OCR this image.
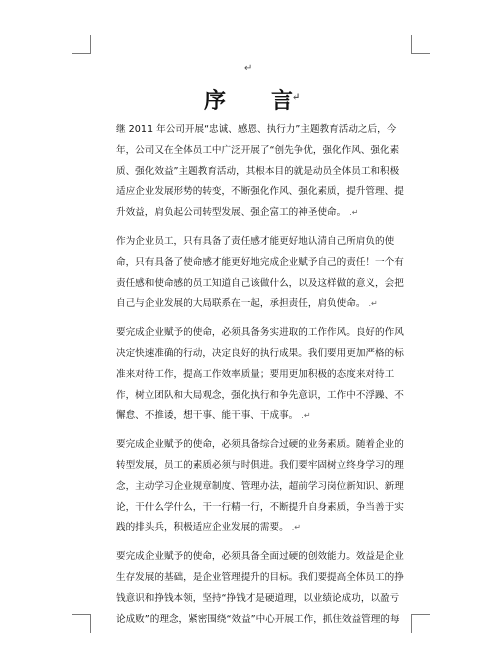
↵
序 言
↵

继 2011 年公司开展“忠诚、感恩、执行力”主题教育活动之后，今年，公司又在全体员工中广泛开展了“创先争优，强化作风、强化素质、强化效益”主题教育活动，其根本目的就是动员全体员工和积极适应企业发展形势的转变，不断强化作风、强化素质，提升管理、提升效益，肩负起公司转型发展、强企富工的神圣使命。 .↵

作为企业员工，只有具备了责任感才能更好地认清自己所肩负的使命，只有具备了使命感才能更好地完成企业赋予自己的责任！一个有责任感和使命感的员工知道自己该做什么，以及这样做的意义，会把自己与企业发展的大局联系在一起，承担责任，肩负使命。 .↵

要完成企业赋予的使命，必须具备务实进取的工作作风。良好的作风决定快速准确的行动，决定良好的执行成果。我们要用更加严格的标准来对待工作，提高工作效率质量；要用更加积极的态度来对待工作，树立团队和大局观念，强化执行和争先意识，工作中不浮躁、不懈怠、不推诿，想干事、能干事、干成事。 .↵

要完成企业赋予的使命，必须具备综合过硬的业务素质。随着企业的转型发展，员工的素质必须与时俱进。我们要牢固树立终身学习的理念，主动学习企业规章制度、管理办法，超前学习岗位新知识、新理论，干什么学什么，干一行精一行，不断提升自身素质，争当善于实践的排头兵，积极适应企业发展的需要。 .↵

要完成企业赋予的使命，必须具备全面过硬的创效能力。效益是企业生存发展的基础，是企业管理提升的目标。我们要提高全体员工的挣钱意识和挣钱本领，坚持“挣钱才是硬道理，以业绩论成功，以盈亏论成败”的理念，紧密围绕“效益”中心开展工作，抓住效益管理的每
